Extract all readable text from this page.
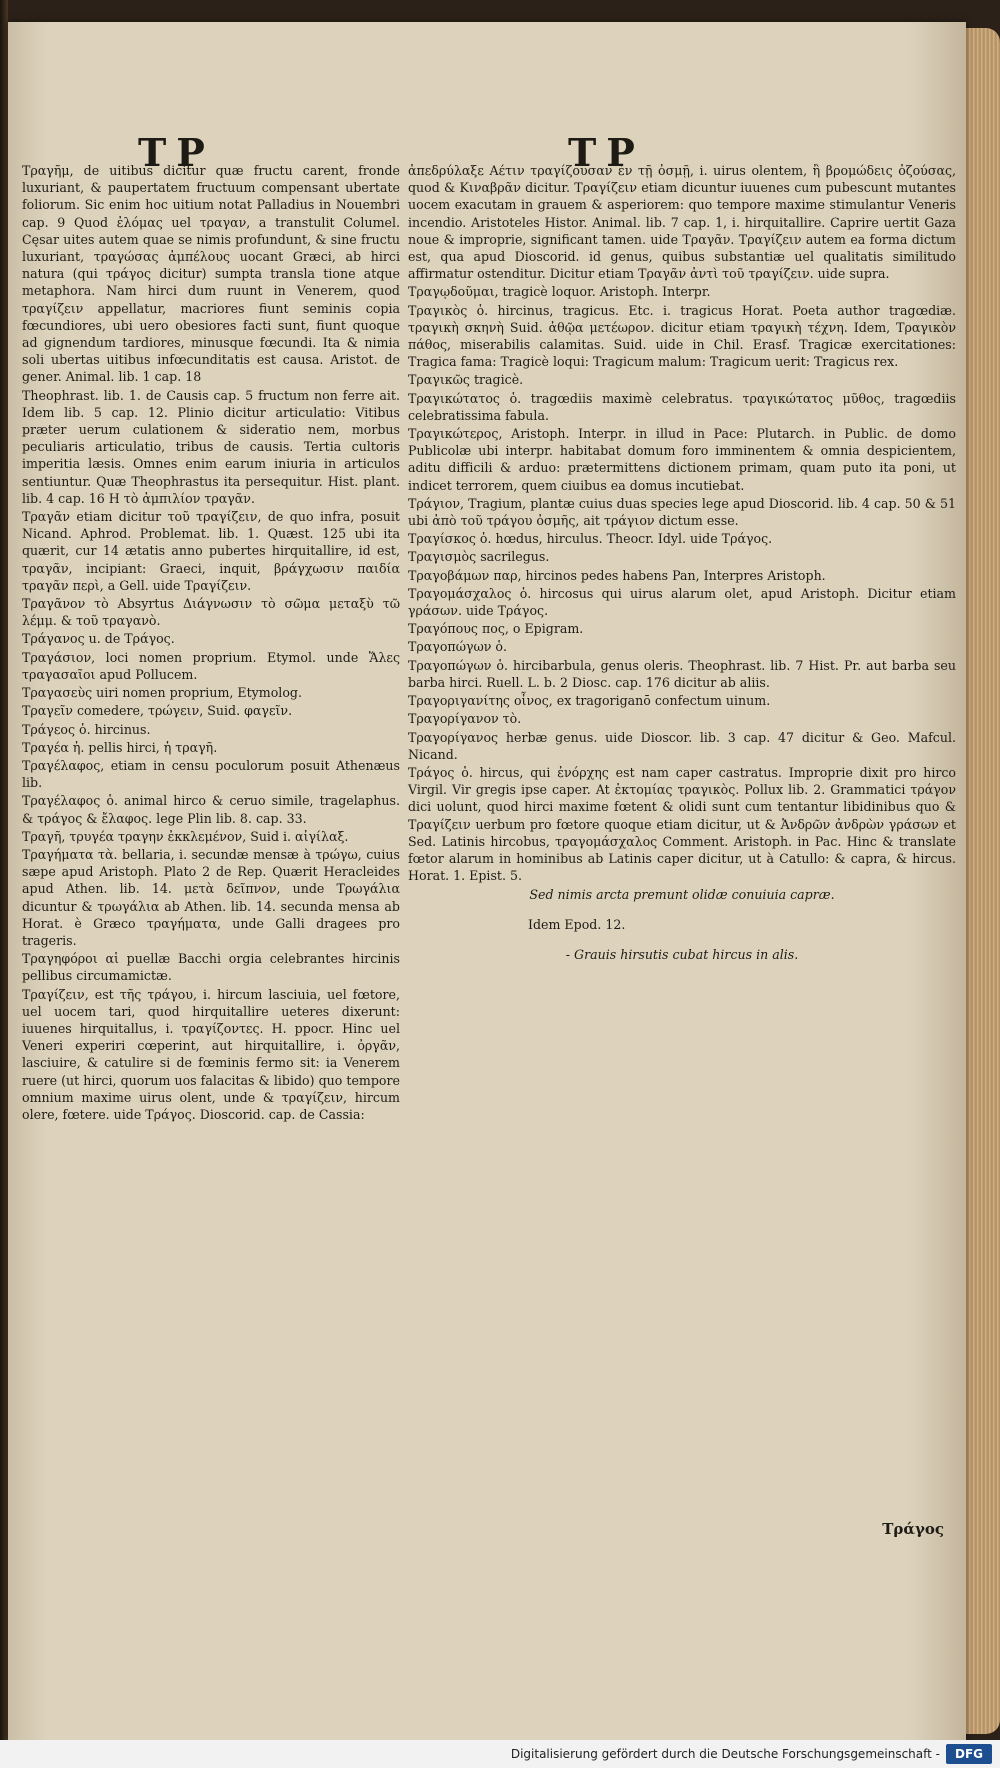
TP	TP

Τραγῆμ, de uitibus dicitur quæ fructu carent, fronde luxuriant, & paupertatem fructuum compensant ubertate foliorum. Sic enim hoc uitium notat Palladius in Nouembri cap. 9 Quod ἐλόμας uel τραγαν, a transtulit Columel. Cęsar uites autem quae se nimis profundunt, & sine fructu luxuriant, τραγώσας ἀμπέλους uocant Græci, ab hirci natura (qui τράγος dicitur) sumpta transla tione atque metaphora. Nam hirci dum ruunt in Venerem, quod τραγίζειν appellatur, macriores fiunt seminis copia fœcundiores, ubi uero obesiores facti sunt, fiunt quoque ad gignendum tardiores, minusque fœcundi. Ita & nimia soli ubertas uitibus infœcunditatis est causa. Aristot. de gener. Animal. lib. 1 cap. 18

Theophrast. lib. 1. de Causis cap. 5 fructum non ferre ait. Idem lib. 5 cap. 12. Plinio dicitur articulatio: Vitibus præter uerum culationem & sideratio nem, morbus peculiaris articulatio, tribus de causis. Tertia cultoris imperitia læsis. Omnes enim earum iniuria in articulos sentiuntur. Quæ Theophrastus ita persequitur. Hist. plant. lib. 4 cap. 16 H τὸ ἀμπιλίον τραγᾶν.

Τραγᾶν etiam dicitur τοῦ τραγίζειν, de quo infra, posuit Nicand. Aphrod. Problemat. lib. 1. Quæst. 125 ubi ita quærit, cur 14 ætatis anno pubertes hirquitallire, id est, τραγᾶν, incipiant: Graeci, inquit, βράγχωσιν παιδία τραγᾶν περὶ, a Gell. uide Τραγίζειν.

Τραγᾶνον τὸ Absyrtus Διάγνωσιν τὸ σῶμα μεταξὺ τῶ λέμμ. & τοῦ τραγανὸ.

Τράγανος u. de Τράγος.

Τραγάσιον, loci nomen proprium. Etymol. unde Ἅλες τραγασαῖοι apud Pollucem.

Τραγασεὺς uiri nomen proprium, Etymolog.

Τραγεῖν comedere, τρώγειν, Suid. φαγεῖν.

Τράγεος ὁ. hircinus.

Τραγέα ἡ. pellis hirci, ἡ τραγῆ.

Τραγέλαφος, etiam in censu poculorum posuit Athenæus lib.

Τραγέλαφος ὁ. animal hirco & ceruo simile, tragelaphus. & τράγος & ἔλαφος. lege Plin lib. 8. cap. 33.

Τραγῆ, τρυγέα τραγην ἐκκλεμένον, Suid i. αἰγίλαξ.

Τραγήματα τὰ. bellaria, i. secundæ mensæ à τρώγω, cuius sæpe apud Aristoph. Plato 2 de Rep. Quærit Heracleides apud Athen. lib. 14. μετὰ δεῖπνον, unde Τρωγάλια dicuntur & τρωγάλια ab Athen. lib. 14. secunda mensa ab Horat. è Græco τραγήματα, unde Galli dragees pro trageris.

Τραγηφόροι αἱ puellæ Bacchi orgia celebrantes hircinis pellibus circumamictæ.

Τραγίζειν, est τῆς τράγου, i. hircum lasciuia, uel fœtore, uel uocem tari, quod hirquitallire ueteres dixerunt: iuuenes hirquitallus, i. τραγίζοντες. H. ppocr. Hinc uel Veneri experiri cœperint, aut hirquitallire, i. ὀργᾶν, lasciuire, & catulire si de fœminis fermo sit: ia Venerem ruere (ut hirci, quorum uos falacitas & libido) quo tempore omnium maxime uirus olent, unde & τραγίζειν, hircum olere, fœtere. uide Τράγος. Dioscorid. cap. de Cassia:

ἀπεδρύλαξε Αέτιν τραγίζουσαν ἐν τῇ ὀσμῇ, i. uirus olentem, ἢ βρομώδεις ὀζούσας, quod & Κιναβρᾶν dicitur. Τραγίζειν etiam dicuntur iuuenes cum pubescunt mutantes uocem exacutam in grauem & asperiorem: quo tempore maxime stimulantur Veneris incendio. Aristoteles Histor. Animal. lib. 7 cap. 1, i. hirquitallire. Caprire uertit Gaza noue & improprie, significant tamen. uide Τραγᾶν. Τραγίζειν autem ea forma dictum est, qua apud Dioscorid. id genus, quibus substantiæ uel qualitatis similitudo affirmatur ostenditur. Dicitur etiam Τραγᾶν ἀντὶ τοῦ τραγίζειν. uide supra.

Τραγῳδοῦμαι, tragicè loquor. Aristoph. Interpr.

Τραγικὸς ὁ. hircinus, tragicus. Etc. i. tragicus Horat. Poeta author tragœdiæ. τραγικὴ σκηνὴ Suid. ἀθῷα μετέωρον. dicitur etiam τραγικὴ τέχνη. Idem, Τραγικὸν πάθος, miserabilis calamitas. Suid. uide in Chil. Erasf. Tragicæ exercitationes: Tragica fama: Tragicè loqui: Tragicum malum: Tragicum uerit: Tragicus rex.

Τραγικῶς tragicè.

Τραγικώτατος ὁ. tragœdiis maximè celebratus. τραγικώτατος μῦθος, tragœdiis celebratissima fabula.

Τραγικώτερος, Aristoph. Interpr. in illud in Pace: Plutarch. in Public. de domo Publicolæ ubi interpr. habitabat domum foro imminentem & omnia despicientem, aditu difficili & arduo: prætermittens dictionem primam, quam puto ita poni, ut indicet terrorem, quem ciuibus ea domus incutiebat.

Τράγιον, Tragium, plantæ cuius duas species lege apud Dioscorid. lib. 4 cap. 50 & 51 ubi ἀπὸ τοῦ τράγου ὀσμῆς, ait τράγιον dictum esse.

Τραγίσκος ὁ. hœdus, hirculus. Theocr. Idyl. uide Τράγος.

Τραγισμὸς sacrilegus.

Τραγοβάμων παρ, hircinos pedes habens Pan, Interpres Aristoph.

Τραγομάσχαλος ὁ. hircosus qui uirus alarum olet, apud Aristoph. Dicitur etiam γράσων. uide Τράγος.

Τραγόπους πος, o Epigram.

Τραγοπώγων ὁ.

Τραγοπώγων ὁ. hircibarbula, genus oleris. Theophrast. lib. 7 Hist. Pr. aut barba seu barba hirci. Ruell. L. b. 2 Diosc. cap. 176 dicitur ab aliis.

Τραγοριγανίτης οἶνος, ex tragoriganō confectum uinum.

Τραγορίγανον τὸ.

Τραγορίγανος herbæ genus. uide Dioscor. lib. 3 cap. 47 dicitur & Geo. Mafcul. Nicand.

Τράγος ὁ. hircus, qui ἐνόρχης est nam caper castratus. Improprie dixit pro hirco Virgil. Vir gregis ipse caper. At ἐκτομίας τραγικὸς. Pollux lib. 2. Grammatici τράγον dici uolunt, quod hirci maxime fœtent & olidi sunt cum tentantur libidinibus quo & Τραγίζειν uerbum pro fœtore quoque etiam dicitur, ut & Ἀνδρῶν ἀνδρὼν γράσων et Sed. Latinis hircobus, τραγομάσχαλος Comment. Aristoph. in Pac. Hinc & translate fœtor alarum in hominibus ab Latinis caper dicitur, ut à Catullo: & capra, & hircus. Horat. 1. Epist. 5.

Sed nimis arcta premunt olidæ conuiuia capræ.

Idem Epod. 12.

- Grauis hirsutis cubat hircus in alis.

Τράγος
Digitalisierung gefördert durch die Deutsche Forschungsgemeinschaft -	DFG
